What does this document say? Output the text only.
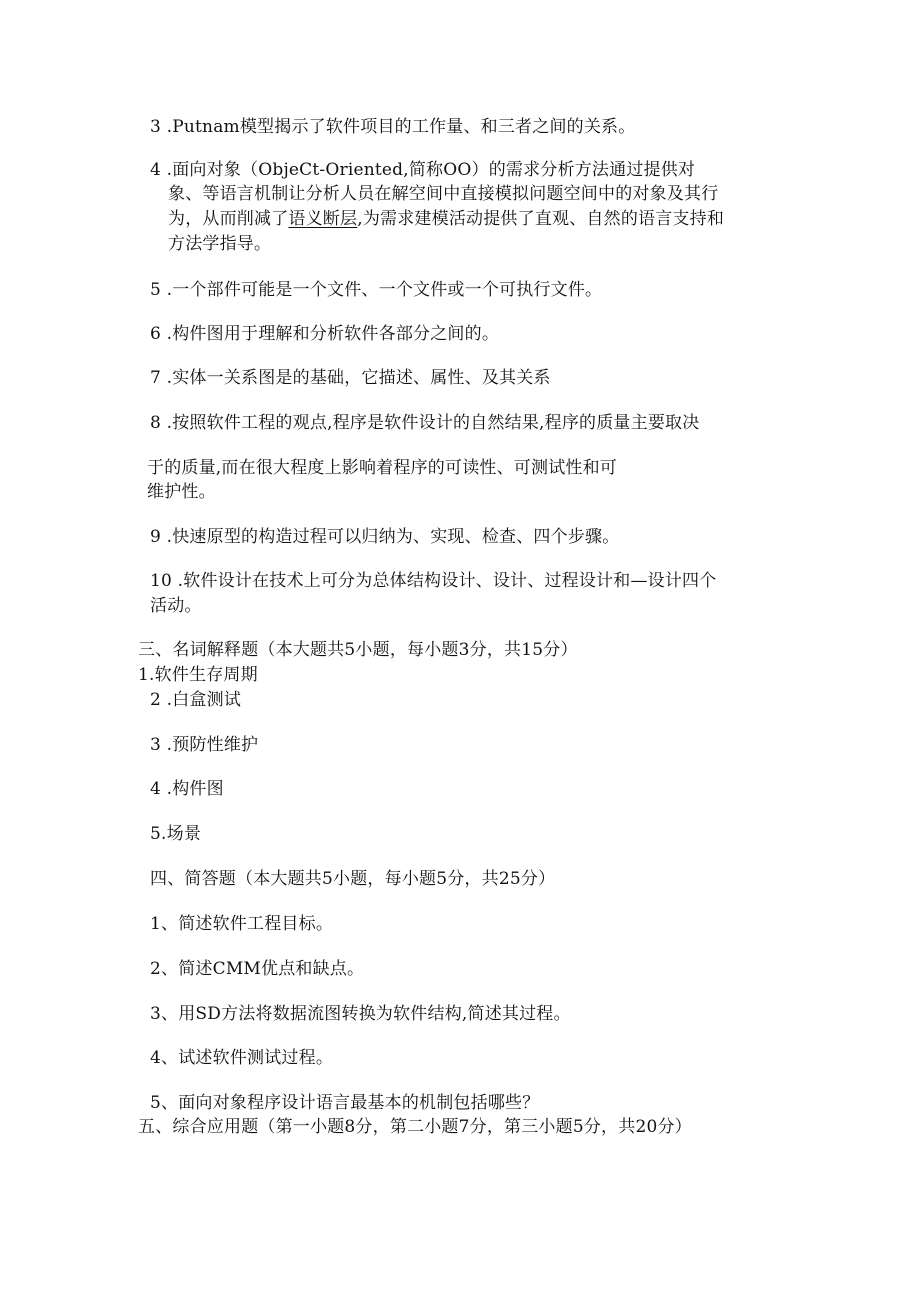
3 .Putnam模型揭示了软件项目的工作量、和三者之间的关系。
4 .面向对象（ObjeCt-Oriented,简称OO）的需求分析方法通过提供对
象、等语言机制让分析人员在解空间中直接模拟问题空间中的对象及其行
为，从而削减了语义断层,为需求建模活动提供了直观、自然的语言支持和
方法学指导。
5 .一个部件可能是一个文件、一个文件或一个可执行文件。
6 .构件图用于理解和分析软件各部分之间的。
7 .实体一关系图是的基础，它描述、属性、及其关系
8 .按照软件工程的观点,程序是软件设计的自然结果,程序的质量主要取决
于的质量,而在很大程度上影响着程序的可读性、可测试性和可
维护性。
9 .快速原型的构造过程可以归纳为、实现、检查、四个步骤。
10 .软件设计在技术上可分为总体结构设计、设计、过程设计和—设计四个
活动。
三、名词解释题（本大题共5小题，每小题3分，共15分）
1.软件生存周期
2 .白盒测试
3 .预防性维护
4 .构件图
5.场景
四、简答题（本大题共5小题，每小题5分，共25分）
1、简述软件工程目标。
2、简述CMM优点和缺点。
3、用SD方法将数据流图转换为软件结构,简述其过程。
4、试述软件测试过程。
5、面向对象程序设计语言最基本的机制包括哪些？
五、综合应用题（第一小题8分，第二小题7分，第三小题5分，共20分）
